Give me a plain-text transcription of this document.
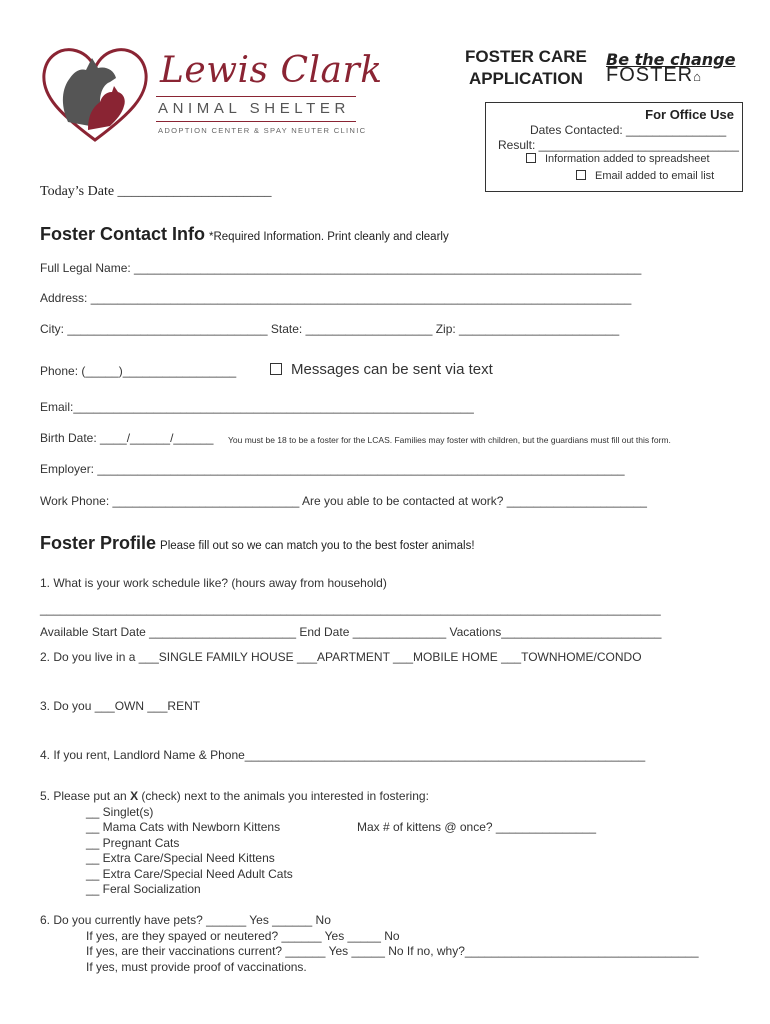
Lewis Clark
ANIMAL SHELTER
ADOPTION CENTER & SPAY NEUTER CLINIC
FOSTER CARE
APPLICATION
Be the change
FOSTER⌂
For Office Use
Dates Contacted: _______________
Result: ______________________________
Information added to spreadsheet
Email added to email list
Today’s Date ______________________
Foster Contact Info *Required Information. Print cleanly and clearly
Full Legal Name: ____________________________________________________________________________
Address: _________________________________________________________________________________
City: ______________________________ State: ___________________ Zip: ________________________
Phone: (_____)_________________	Messages can be sent via text
Email:____________________________________________________________
Birth Date: ____/______/______ You must be 18 to be a foster for the LCAS. Families may foster with children, but the guardians must fill out this form.
Employer: _______________________________________________________________________________
Work Phone: ____________________________ Are you able to be contacted at work? _____________________
Foster Profile Please fill out so we can match you to the best foster animals!
1. What is your work schedule like? (hours away from household)
_____________________________________________________________________________________________
Available Start Date ______________________ End Date ______________ Vacations________________________
2. Do you live in a ___SINGLE FAMILY HOUSE ___APARTMENT ___MOBILE HOME ___TOWNHOME/CONDO
3. Do you ___OWN ___RENT
4. If you rent, Landlord Name & Phone____________________________________________________________
5. Please put an X (check) next to the animals you interested in fostering:
__ Singlet(s)
__ Mama Cats with Newborn Kittens
__ Pregnant Cats
__ Extra Care/Special Need Kittens
__ Extra Care/Special Need Adult Cats
__ Feral Socialization
Max # of kittens @ once? _______________
6. Do you currently have pets? ______ Yes ______ No
If yes, are they spayed or neutered? ______ Yes _____ No
If yes, are their vaccinations current? ______ Yes _____ No If no, why?___________________________________
If yes, must provide proof of vaccinations.
